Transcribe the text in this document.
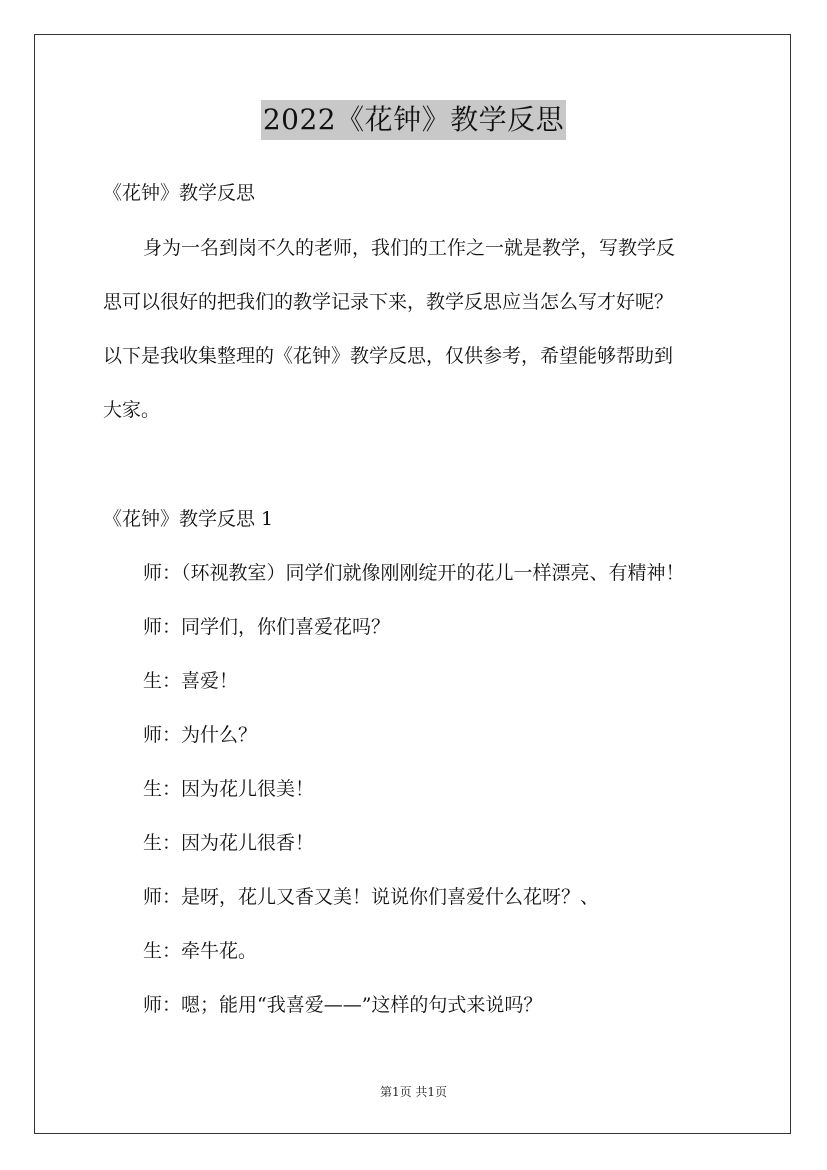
2022《花钟》教学反思
《花钟》教学反思
身为一名到岗不久的老师，我们的工作之一就是教学，写教学反
思可以很好的把我们的教学记录下来，教学反思应当怎么写才好呢？
以下是我收集整理的《花钟》教学反思，仅供参考，希望能够帮助到
大家。
《花钟》教学反思 1
师：（环视教室）同学们就像刚刚绽开的花儿一样漂亮、有精神！
师：同学们，你们喜爱花吗？
生：喜爱！
师：为什么？
生：因为花儿很美！
生：因为花儿很香！
师：是呀，花儿又香又美！说说你们喜爱什么花呀？、
生：牵牛花。
师：嗯；能用“我喜爱——”这样的句式来说吗？
第1页 共1页
